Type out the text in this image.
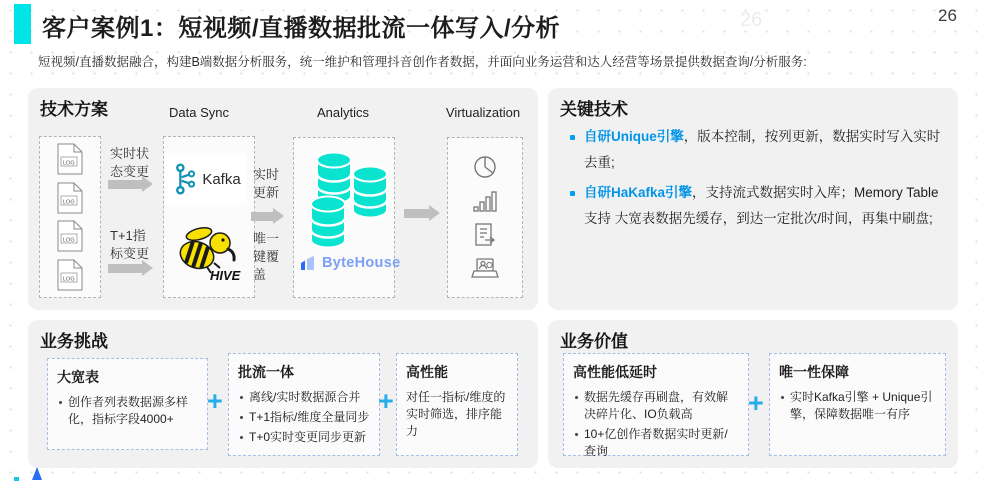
客户案例1：短视频/直播数据批流一体写入/分析	26	26
短视频/直播数据融合，构建B端数据分析服务，统一维护和管理抖音创作者数据，并面向业务运营和达人经营等场景提供数据查询/分析服务:
技术方案	Data Sync	Analytics	Virtualization
LOG
LOG
LOG
LOG
实时状态变更
T+1指标变更
Kafka
HIVE
实时更新
唯一键覆盖
ByteHouse
关键技术
自研Unique引擎，版本控制，按列更新，数据实时写入实时去重;
自研HaKafka引擎，支持流式数据实时入库；Memory Table 支持 大宽表数据先缓存，到达一定批次/时间，再集中刷盘;
业务挑战
大宽表
创作者列表数据源多样化，指标字段4000+
+
批流一体
离线/实时数据源合并
T+1指标/维度全量同步
T+0实时变更同步更新
+
高性能
对任一指标/维度的实时筛选，排序能力
业务价值
高性能低延时
数据先缓存再刷盘，有效解决碎片化、IO负载高
10+亿创作者数据实时更新/查询
+
唯一性保障
实时Kafka引擎 + Unique引擎，保障数据唯一有序
